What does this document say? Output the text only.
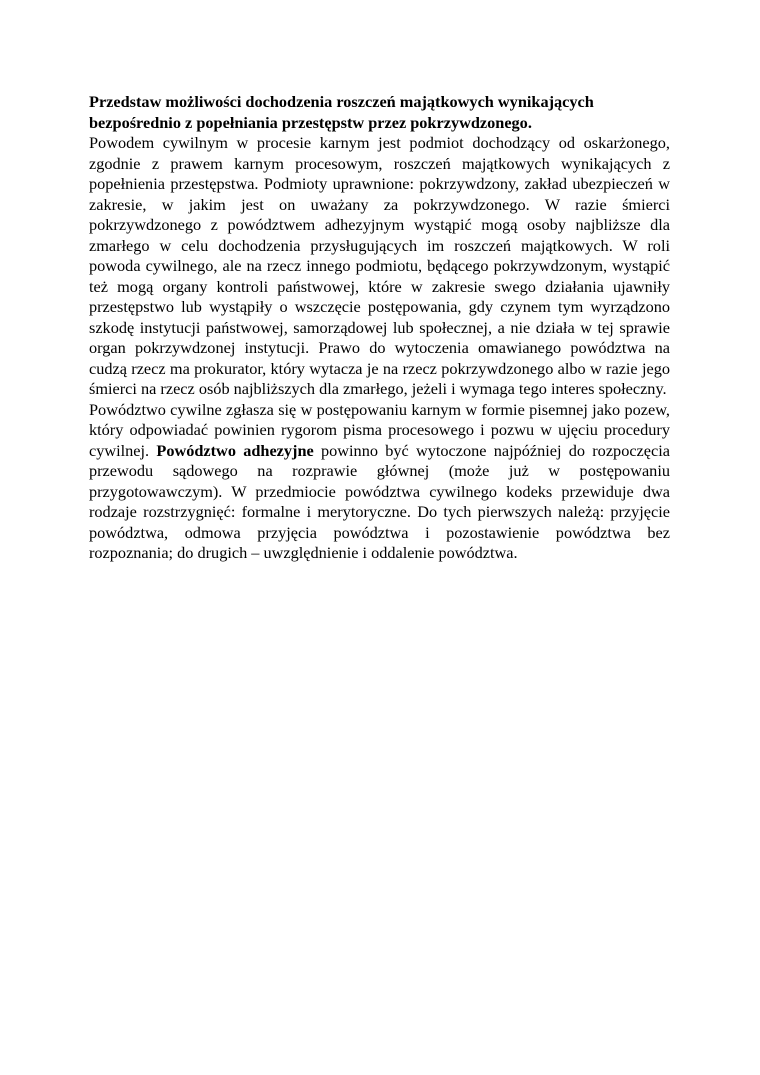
Przedstaw możliwości dochodzenia roszczeń majątkowych wynikających bezpośrednio z popełniania przestępstw przez pokrzywdzonego.

Powodem cywilnym w procesie karnym jest podmiot dochodzący od oskarżonego, zgodnie z prawem karnym procesowym, roszczeń majątkowych wynikających z popełnienia przestępstwa. Podmioty uprawnione: pokrzywdzony, zakład ubezpieczeń w zakresie, w jakim jest on uważany za pokrzywdzonego. W razie śmierci pokrzywdzonego z powództwem adhezyjnym wystąpić mogą osoby najbliższe dla zmarłego w celu dochodzenia przysługujących im roszczeń majątkowych. W roli powoda cywilnego, ale na rzecz innego podmiotu, będącego pokrzywdzonym, wystąpić też mogą organy kontroli państwowej, które w zakresie swego działania ujawniły przestępstwo lub wystąpiły o wszczęcie postępowania, gdy czynem tym wyrządzono szkodę instytucji państwowej, samorządowej lub społecznej, a nie działa w tej sprawie organ pokrzywdzonej instytucji. Prawo do wytoczenia omawianego powództwa na cudzą rzecz ma prokurator, który wytacza je na rzecz pokrzywdzonego albo w razie jego śmierci na rzecz osób najbliższych dla zmarłego, jeżeli i wymaga tego interes społeczny.

Powództwo cywilne zgłasza się w postępowaniu karnym w formie pisemnej jako pozew, który odpowiadać powinien rygorom pisma procesowego i pozwu w ujęciu procedury cywilnej. Powództwo adhezyjne powinno być wytoczone najpóźniej do rozpoczęcia przewodu sądowego na rozprawie głównej (może już w postępowaniu przygotowawczym). W przedmiocie powództwa cywilnego kodeks przewiduje dwa rodzaje rozstrzygnięć: formalne i merytoryczne. Do tych pierwszych należą: przyjęcie powództwa, odmowa przyjęcia powództwa i pozostawienie powództwa bez rozpoznania; do drugich – uwzględnienie i oddalenie powództwa.
